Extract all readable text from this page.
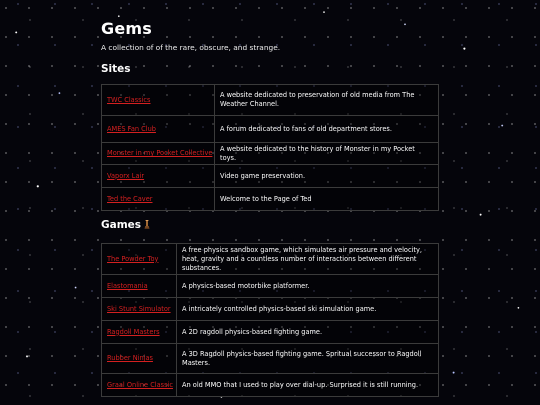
Gems
A collection of of the rare, obscure, and strange.
Sites
TWC Classics	A website dedicated to preservation of old media from The Weather Channel.
AMES Fan Club	A forum dedicated to fans of old department stores.
Monster in my Pocket Collective	A website dedicated to the history of Monster in my Pocket toys.
Vaporx Lair	Video game preservation.
Ted the Caver	Welcome to the Page of Ted
Games
The Powder Toy	A free physics sandbox game, which simulates air pressure and velocity, heat, gravity and a countless number of interactions between different substances.
Elastomania	A physics-based motorbike platformer.
Ski Stunt Simulator	A intricately controlled physics-based ski simulation game.
Ragdoll Masters	A 2D ragdoll physics-based fighting game.
Rubber Ninjas	A 3D Ragdoll physics-based fighting game. Spritual successor to Ragdoll Masters.
Graal Online Classic	An old MMO that I used to play over dial-up. Surprised it is still running.
